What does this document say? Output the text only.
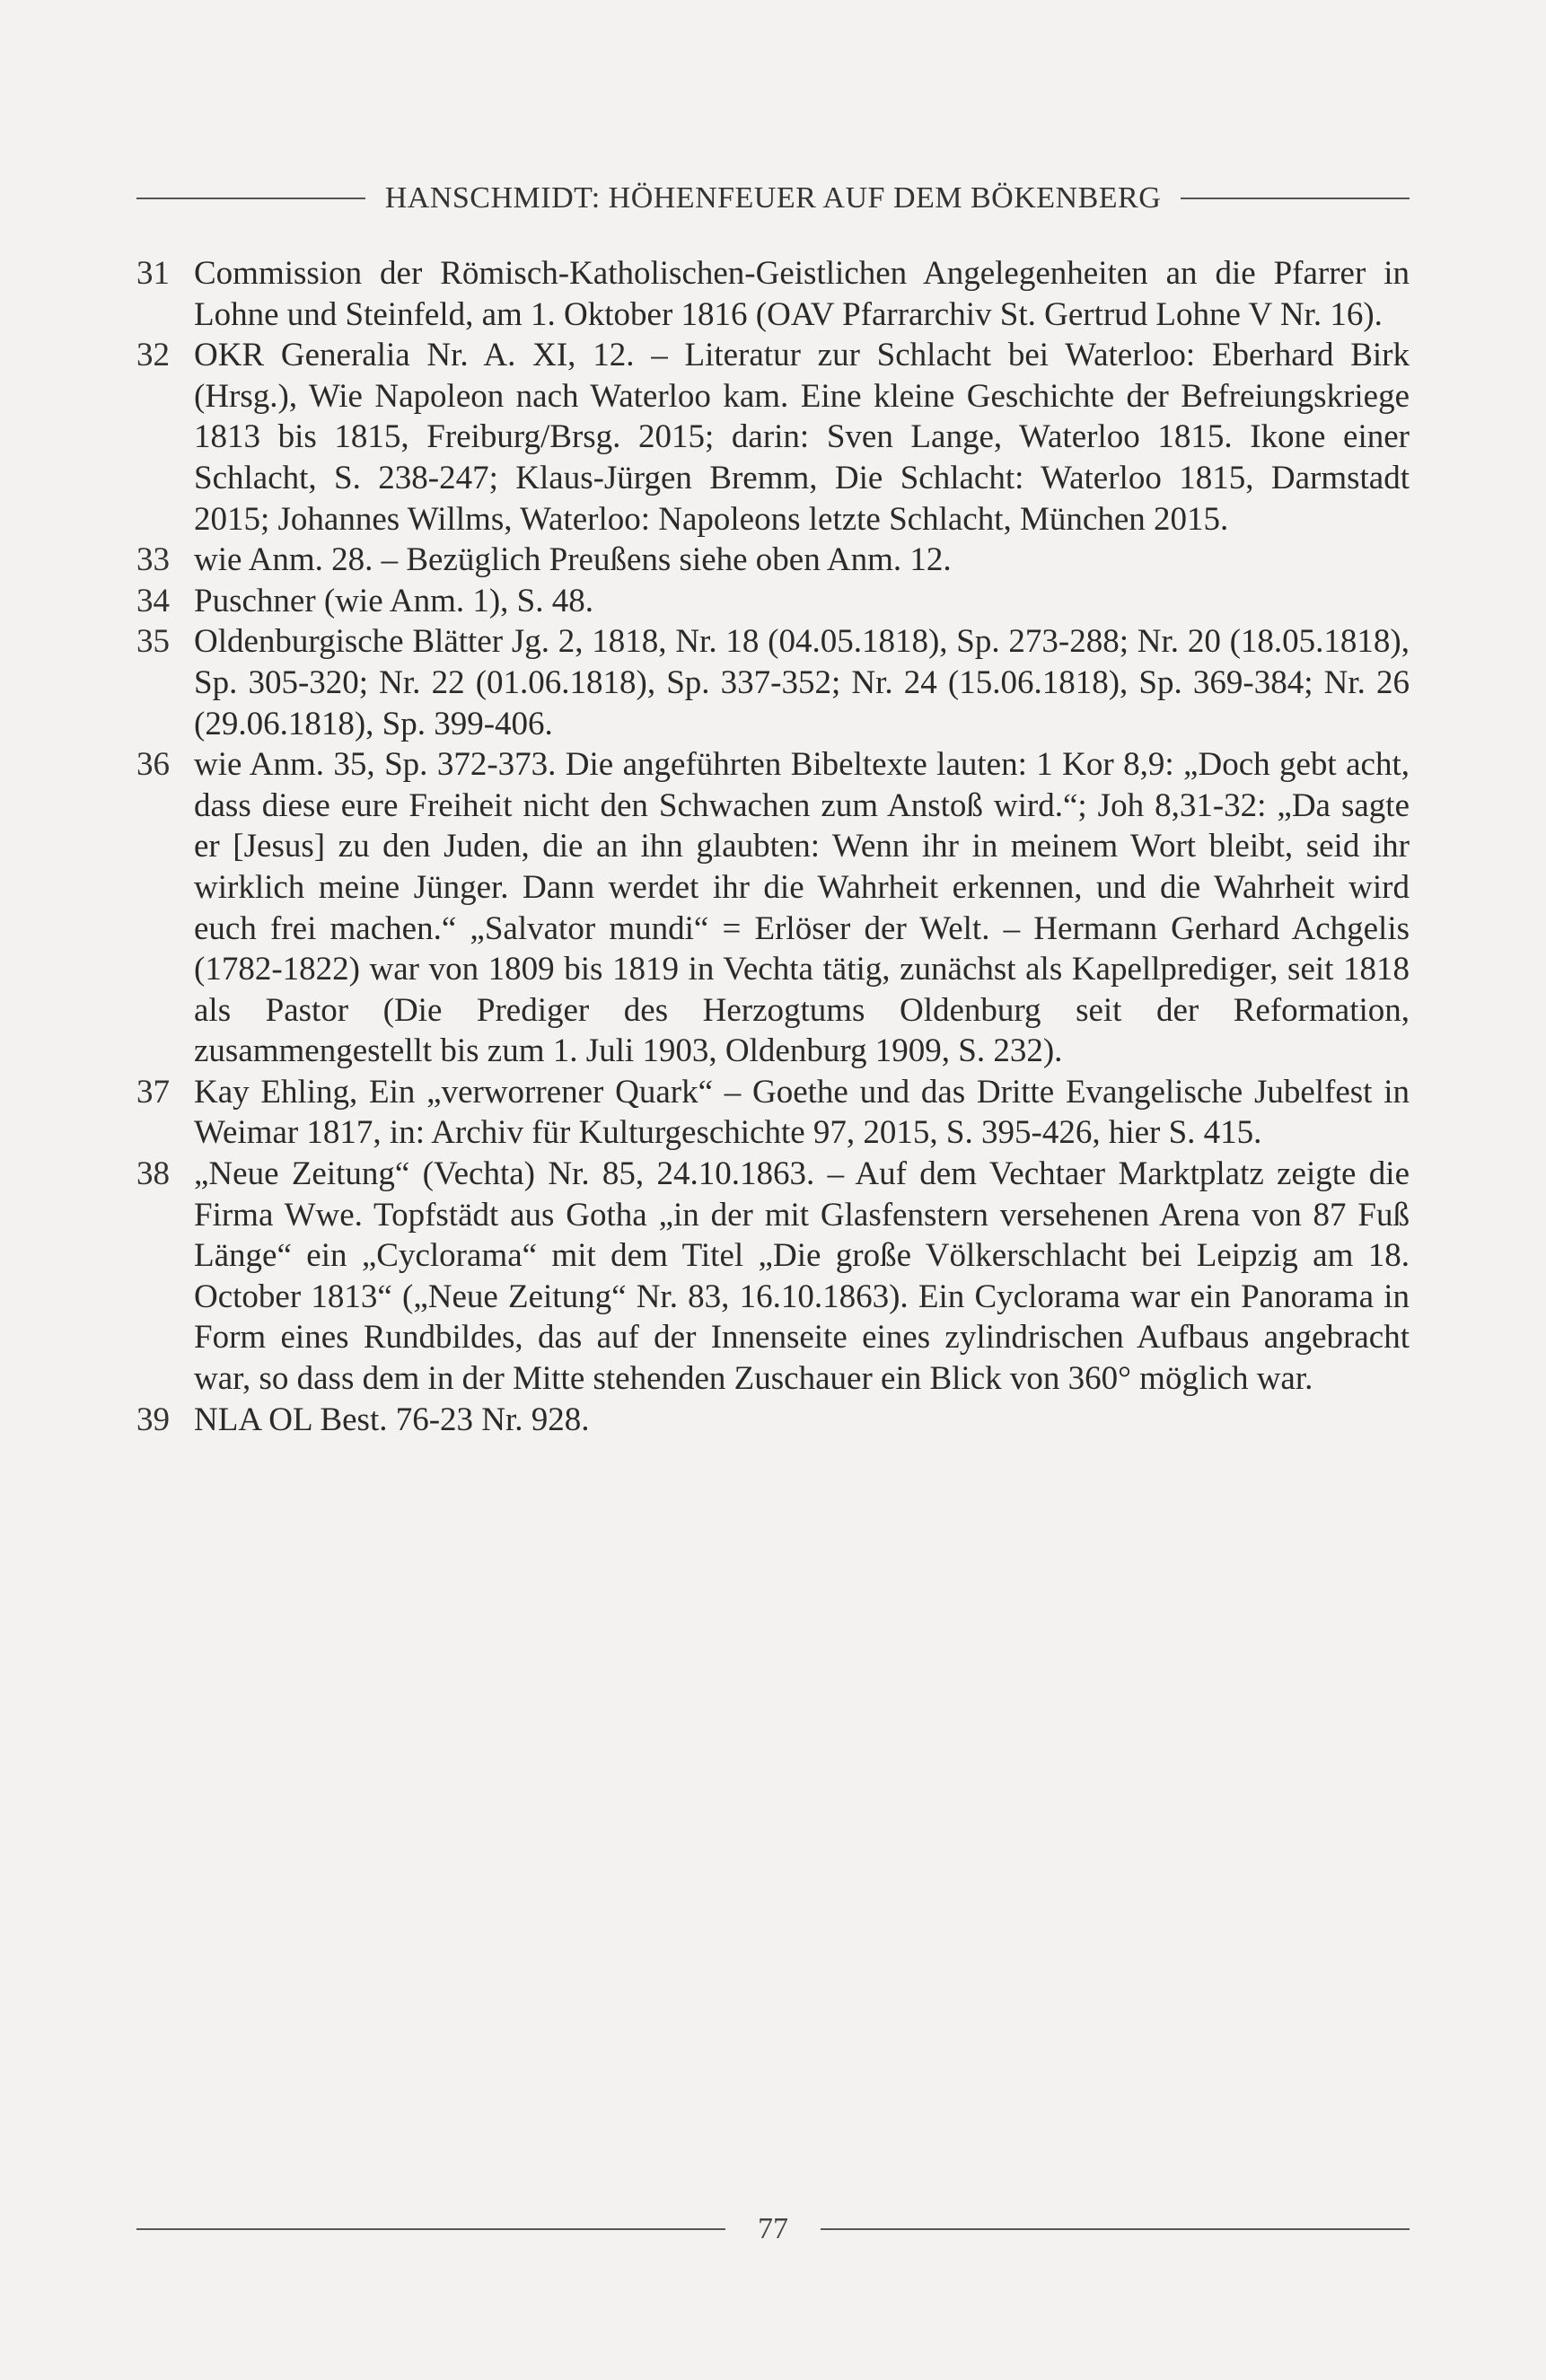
HANSCHMIDT: HÖHENFEUER AUF DEM BÖKENBERG
31 Commission der Römisch-Katholischen-Geistlichen Angelegenheiten an die Pfarrer in Lohne und Steinfeld, am 1. Oktober 1816 (OAV Pfarrarchiv St. Gertrud Lohne V Nr. 16).
32 OKR Generalia Nr. A. XI, 12. – Literatur zur Schlacht bei Waterloo: Eberhard Birk (Hrsg.), Wie Napoleon nach Waterloo kam. Eine kleine Geschichte der Befreiungskriege 1813 bis 1815, Freiburg/Brsg. 2015; darin: Sven Lange, Waterloo 1815. Ikone einer Schlacht, S. 238-247; Klaus-Jürgen Bremm, Die Schlacht: Waterloo 1815, Darmstadt 2015; Johannes Willms, Waterloo: Napoleons letzte Schlacht, München 2015.
33 wie Anm. 28. – Bezüglich Preußens siehe oben Anm. 12.
34 Puschner (wie Anm. 1), S. 48.
35 Oldenburgische Blätter Jg. 2, 1818, Nr. 18 (04.05.1818), Sp. 273-288; Nr. 20 (18.05.1818), Sp. 305-320; Nr. 22 (01.06.1818), Sp. 337-352; Nr. 24 (15.06.1818), Sp. 369-384; Nr. 26 (29.06.1818), Sp. 399-406.
36 wie Anm. 35, Sp. 372-373. Die angeführten Bibeltexte lauten: 1 Kor 8,9: „Doch gebt acht, dass diese eure Freiheit nicht den Schwachen zum Anstoß wird.“; Joh 8,31-32: „Da sagte er [Jesus] zu den Juden, die an ihn glaubten: Wenn ihr in meinem Wort bleibt, seid ihr wirklich meine Jünger. Dann werdet ihr die Wahrheit erkennen, und die Wahrheit wird euch frei machen.“ „Salvator mundi“ = Erlöser der Welt. – Hermann Gerhard Achgelis (1782-1822) war von 1809 bis 1819 in Vechta tätig, zunächst als Kapellprediger, seit 1818 als Pastor (Die Prediger des Herzogtums Oldenburg seit der Reformation, zusammengestellt bis zum 1. Juli 1903, Oldenburg 1909, S. 232).
37 Kay Ehling, Ein „verworrener Quark“ – Goethe und das Dritte Evangelische Jubelfest in Weimar 1817, in: Archiv für Kulturgeschichte 97, 2015, S. 395-426, hier S. 415.
38 „Neue Zeitung“ (Vechta) Nr. 85, 24.10.1863. – Auf dem Vechtaer Marktplatz zeigte die Firma Wwe. Topfstädt aus Gotha „in der mit Glasfenstern versehenen Arena von 87 Fuß Länge“ ein „Cyclorama“ mit dem Titel „Die große Völkerschlacht bei Leipzig am 18. October 1813“ („Neue Zeitung“ Nr. 83, 16.10.1863). Ein Cyclorama war ein Panorama in Form eines Rundbildes, das auf der Innenseite eines zylindrischen Aufbaus angebracht war, so dass dem in der Mitte stehenden Zuschauer ein Blick von 360° möglich war.
39 NLA OL Best. 76-23 Nr. 928.
77
